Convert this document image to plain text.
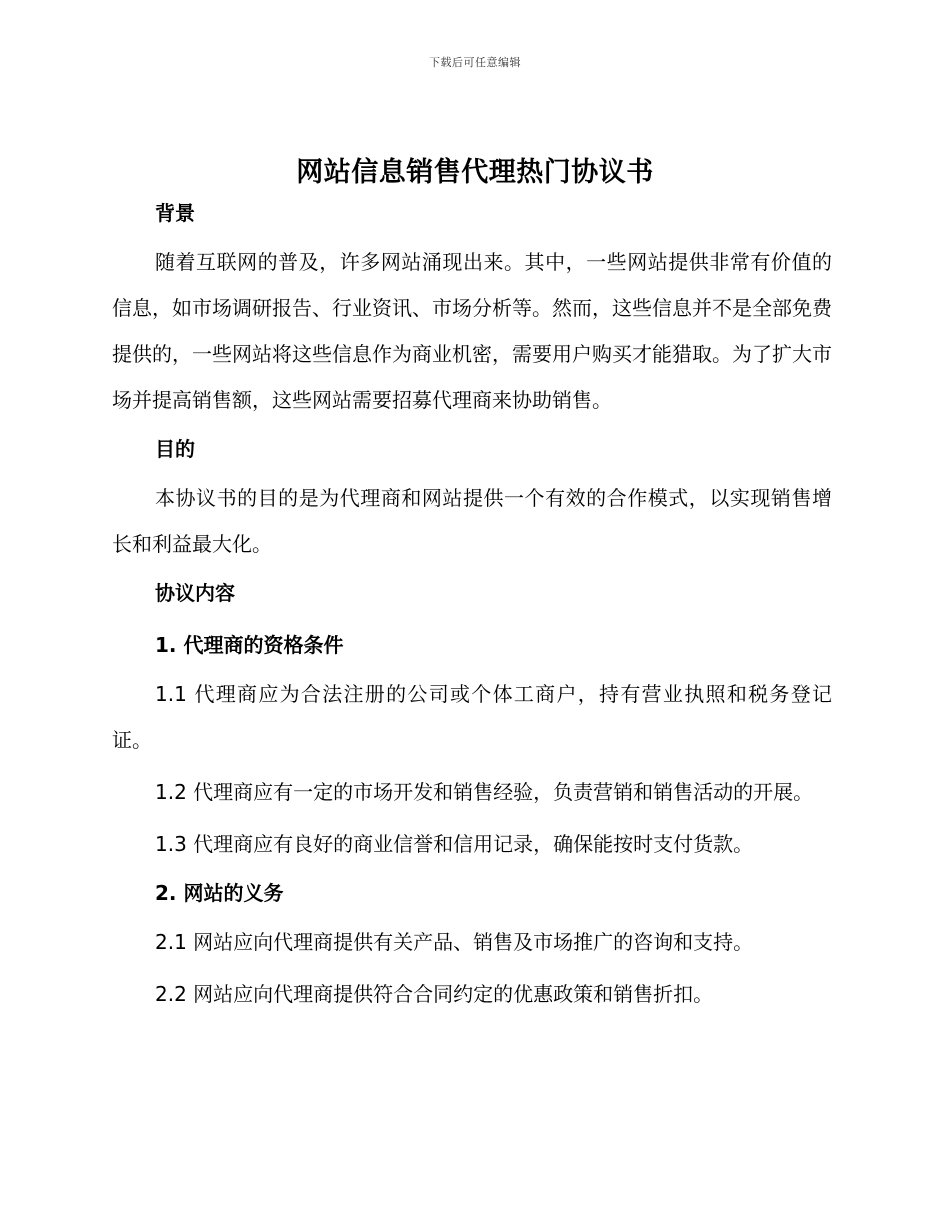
下载后可任意编辑
网站信息销售代理热门协议书

背景

随着互联网的普及，许多网站涌现出来。其中，一些网站提供非常有价值的信息，如市场调研报告、行业资讯、市场分析等。然而，这些信息并不是全部免费提供的，一些网站将这些信息作为商业机密，需要用户购买才能猎取。为了扩大市场并提高销售额，这些网站需要招募代理商来协助销售。

目的

本协议书的目的是为代理商和网站提供一个有效的合作模式，以实现销售增长和利益最大化。

协议内容

1. 代理商的资格条件

1.1 代理商应为合法注册的公司或个体工商户，持有营业执照和税务登记证。

1.2 代理商应有一定的市场开发和销售经验，负责营销和销售活动的开展。

1.3 代理商应有良好的商业信誉和信用记录，确保能按时支付货款。

2. 网站的义务

2.1 网站应向代理商提供有关产品、销售及市场推广的咨询和支持。

2.2 网站应向代理商提供符合合同约定的优惠政策和销售折扣。
